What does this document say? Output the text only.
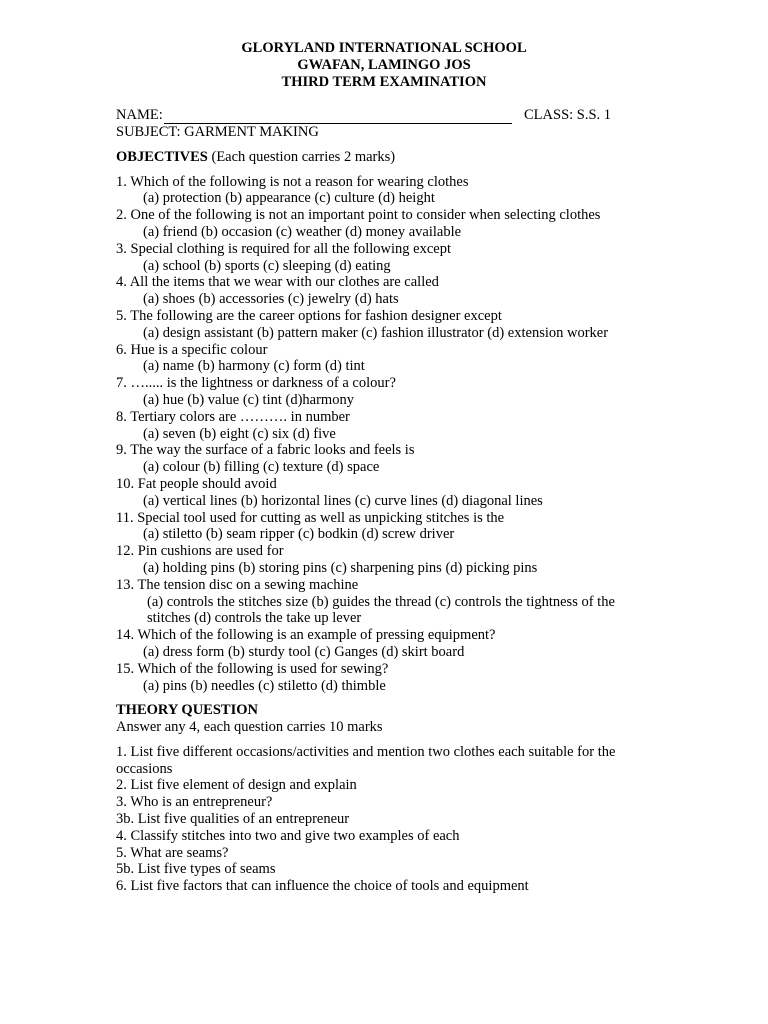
GLORYLAND INTERNATIONAL SCHOOL
GWAFAN, LAMINGO JOS
THIRD TERM EXAMINATION
NAME:	CLASS: S.S. 1
SUBJECT: GARMENT MAKING
OBJECTIVES (Each question carries 2 marks)
1. Which of the following is not a reason for wearing clothes
(a) protection (b) appearance (c) culture (d) height
2. One of the following is not an important point to consider when selecting clothes
(a) friend (b) occasion (c) weather (d) money available
3. Special clothing is required for all the following except
(a) school (b) sports (c) sleeping (d) eating
4. All the items that we wear with our clothes are called
(a) shoes (b) accessories (c) jewelry (d) hats
5. The following are the career options for fashion designer except
(a) design assistant (b) pattern maker (c) fashion illustrator (d) extension worker
6. Hue is a specific colour
(a) name (b) harmony (c) form (d) tint
7. …..... is the lightness or darkness of a colour?
(a) hue (b) value (c) tint (d)harmony
8. Tertiary colors are ………. in number
(a) seven (b) eight (c) six (d) five
9. The way the surface of a fabric looks and feels is
(a) colour (b) filling (c) texture (d) space
10. Fat people should avoid
(a) vertical lines (b) horizontal lines (c) curve lines (d) diagonal lines
11. Special tool used for cutting as well as unpicking stitches is the
(a) stiletto (b) seam ripper (c) bodkin (d) screw driver
12. Pin cushions are used for
(a) holding pins (b) storing pins (c) sharpening pins (d) picking pins
13. The tension disc on a sewing machine
(a) controls the stitches size (b) guides the thread (c) controls the tightness of the stitches (d) controls the take up lever
14. Which of the following is an example of pressing equipment?
(a) dress form (b) sturdy tool (c) Ganges (d) skirt board
15. Which of the following is used for sewing?
(a) pins (b) needles (c) stiletto (d) thimble
THEORY QUESTION
Answer any 4, each question carries 10 marks
1. List five different occasions/activities and mention two clothes each suitable for the occasions
2. List five element of design and explain
3. Who is an entrepreneur?
3b. List five qualities of an entrepreneur
4. Classify stitches into two and give two examples of each
5. What are seams?
5b. List five types of seams
6. List five factors that can influence the choice of tools and equipment
